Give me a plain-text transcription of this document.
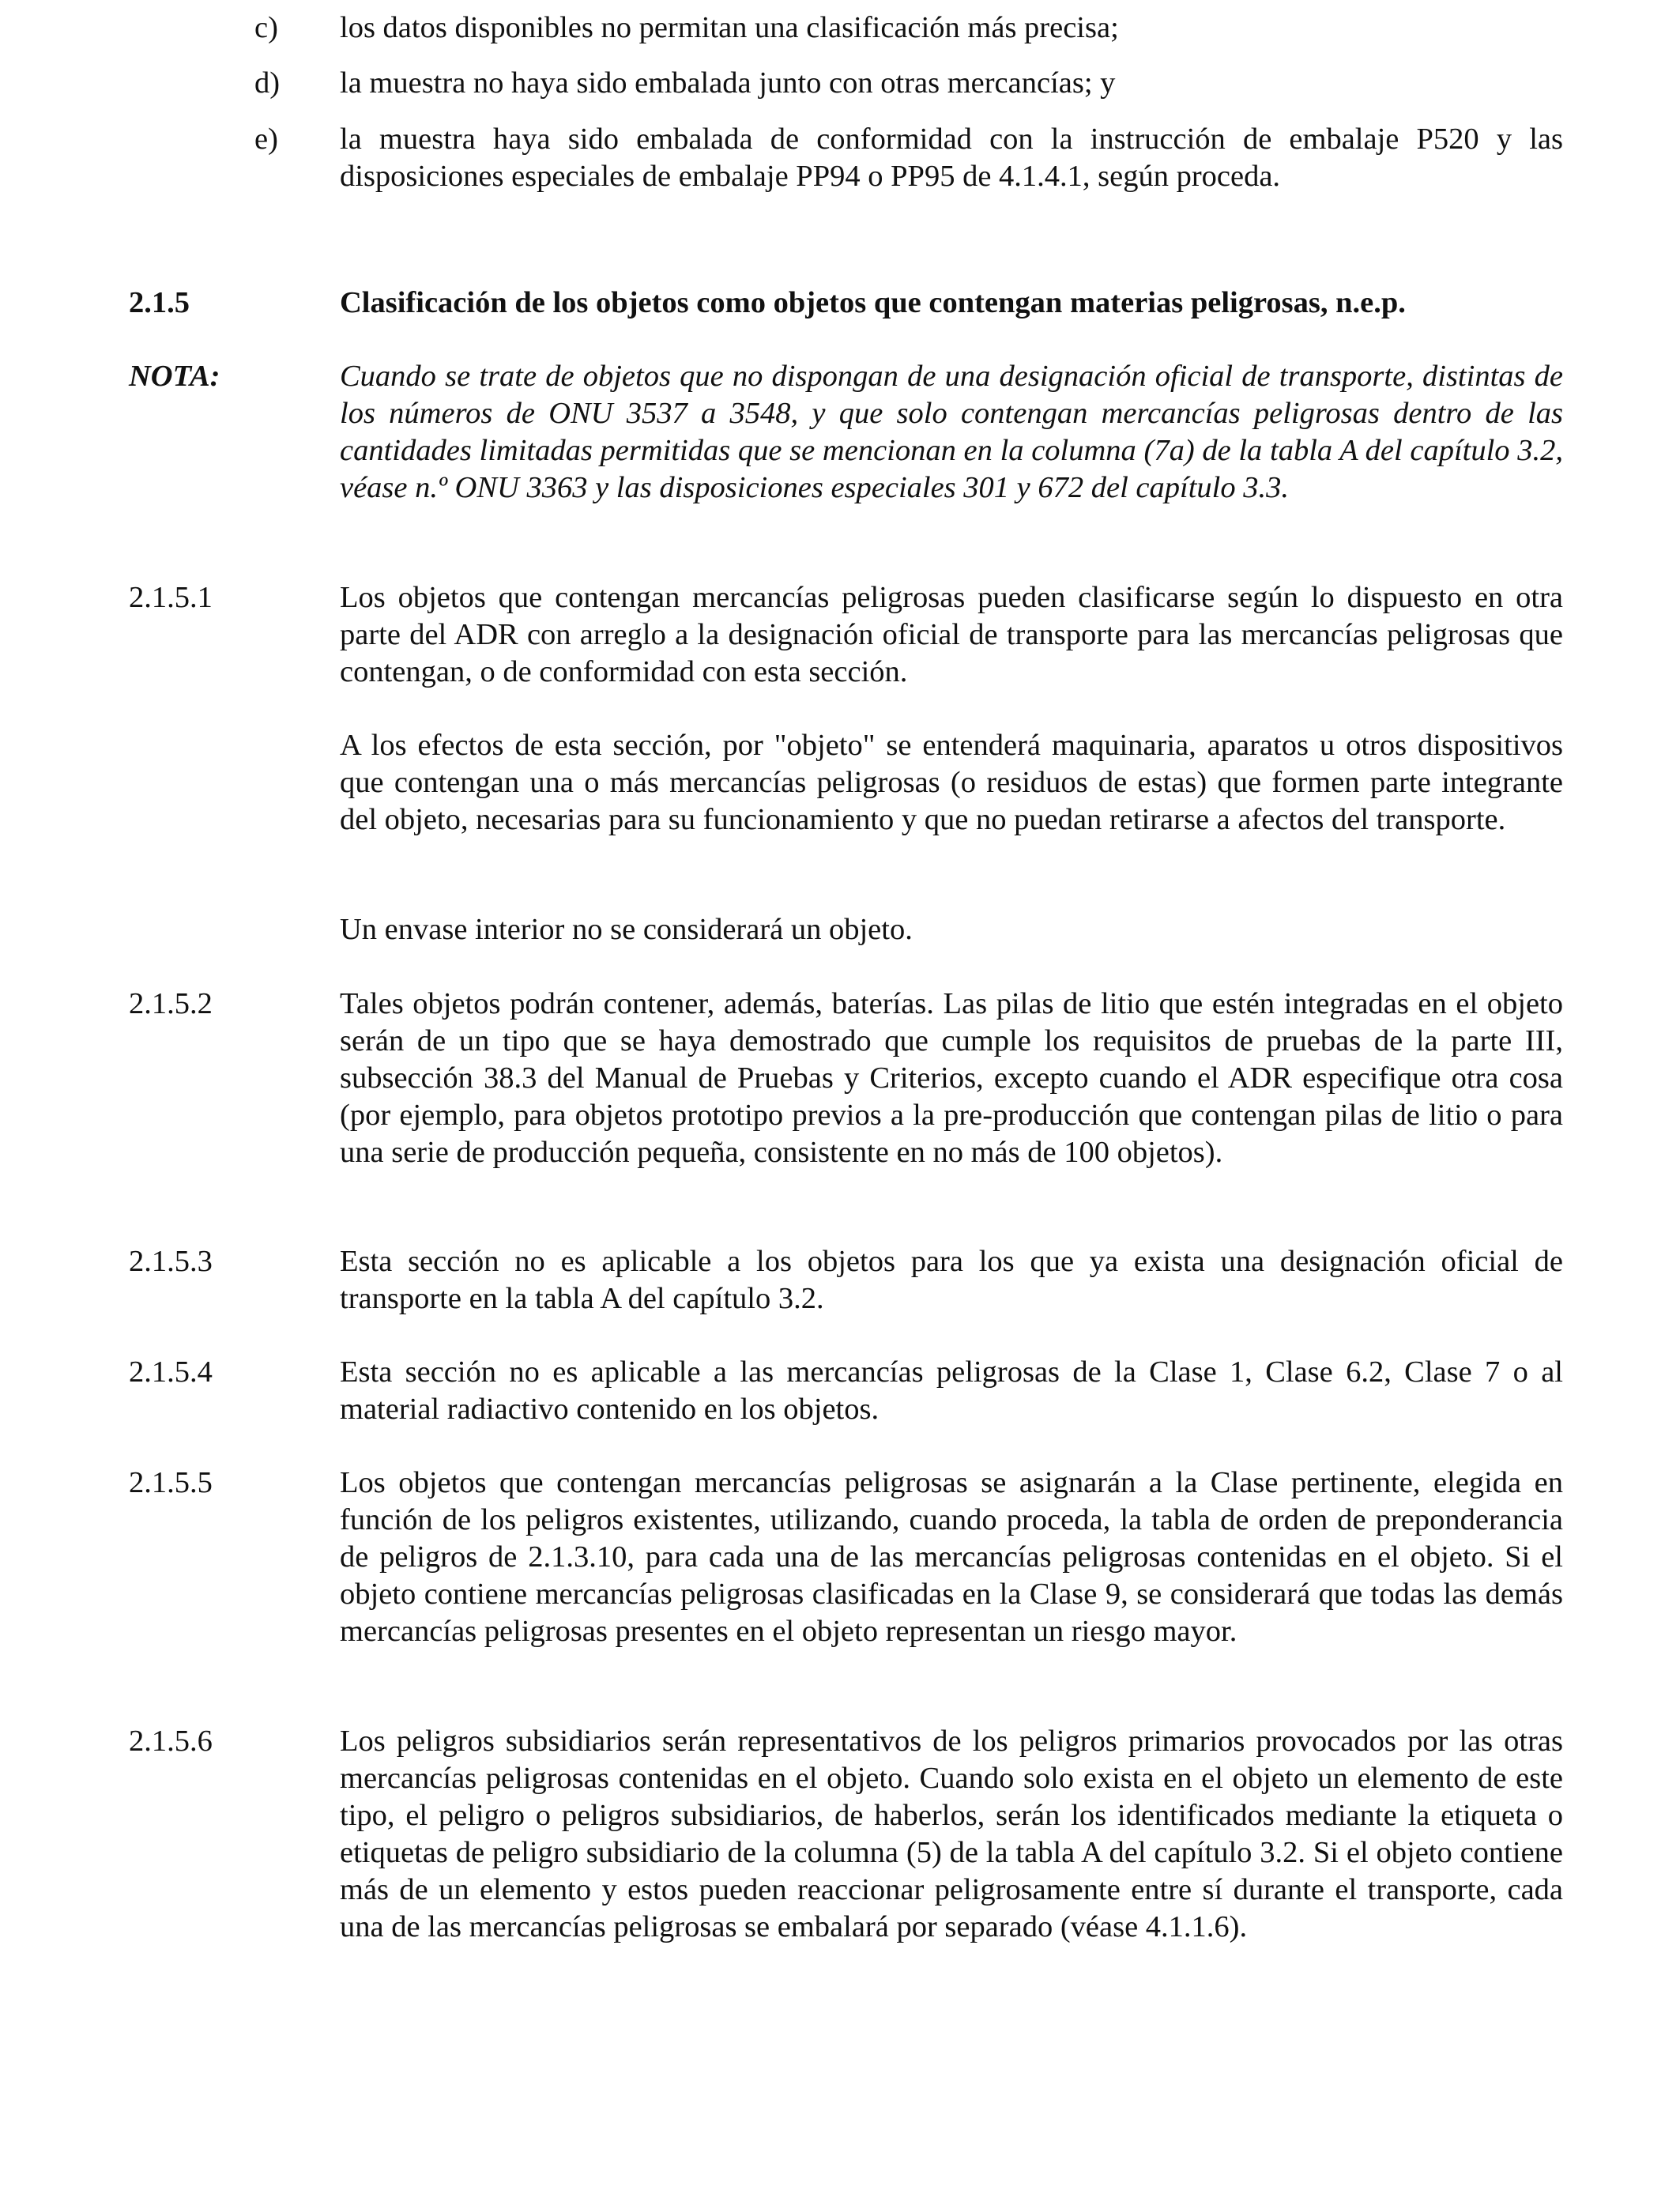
c) los datos disponibles no permitan una clasificación más precisa;
d) la muestra no haya sido embalada junto con otras mercancías; y
e) la muestra haya sido embalada de conformidad con la instrucción de embalaje P520 y las disposiciones especiales de embalaje PP94 o PP95 de 4.1.4.1, según proceda.
2.1.5	Clasificación de los objetos como objetos que contengan materias peligrosas, n.e.p.
NOTA:	Cuando se trate de objetos que no dispongan de una designación oficial de transporte, distintas de los números de ONU 3537 a 3548, y que solo contengan mercancías peligrosas dentro de las cantidades limitadas permitidas que se mencionan en la columna (7a) de la tabla A del capítulo 3.2, véase n.º ONU 3363 y las disposiciones especiales 301 y 672 del capítulo 3.3.
2.1.5.1	Los objetos que contengan mercancías peligrosas pueden clasificarse según lo dispuesto en otra parte del ADR con arreglo a la designación oficial de transporte para las mercancías peligrosas que contengan, o de conformidad con esta sección.
A los efectos de esta sección, por "objeto" se entenderá maquinaria, aparatos u otros dispositivos que contengan una o más mercancías peligrosas (o residuos de estas) que formen parte integrante del objeto, necesarias para su funcionamiento y que no puedan retirarse a afectos del transporte.
Un envase interior no se considerará un objeto.
2.1.5.2	Tales objetos podrán contener, además, baterías. Las pilas de litio que estén integradas en el objeto serán de un tipo que se haya demostrado que cumple los requisitos de pruebas de la parte III, subsección 38.3 del Manual de Pruebas y Criterios, excepto cuando el ADR especifique otra cosa (por ejemplo, para objetos prototipo previos a la pre-producción que contengan pilas de litio o para una serie de producción pequeña, consistente en no más de 100 objetos).
2.1.5.3	Esta sección no es aplicable a los objetos para los que ya exista una designación oficial de transporte en la tabla A del capítulo 3.2.
2.1.5.4	Esta sección no es aplicable a las mercancías peligrosas de la Clase 1, Clase 6.2, Clase 7 o al material radiactivo contenido en los objetos.
2.1.5.5	Los objetos que contengan mercancías peligrosas se asignarán a la Clase pertinente, elegida en función de los peligros existentes, utilizando, cuando proceda, la tabla de orden de preponderancia de peligros de 2.1.3.10, para cada una de las mercancías peligrosas contenidas en el objeto. Si el objeto contiene mercancías peligrosas clasificadas en la Clase 9, se considerará que todas las demás mercancías peligrosas presentes en el objeto representan un riesgo mayor.
2.1.5.6	Los peligros subsidiarios serán representativos de los peligros primarios provocados por las otras mercancías peligrosas contenidas en el objeto. Cuando solo exista en el objeto un elemento de este tipo, el peligro o peligros subsidiarios, de haberlos, serán los identificados mediante la etiqueta o etiquetas de peligro subsidiario de la columna (5) de la tabla A del capítulo 3.2. Si el objeto contiene más de un elemento y estos pueden reaccionar peligrosamente entre sí durante el transporte, cada una de las mercancías peligrosas se embalará por separado (véase 4.1.1.6).
